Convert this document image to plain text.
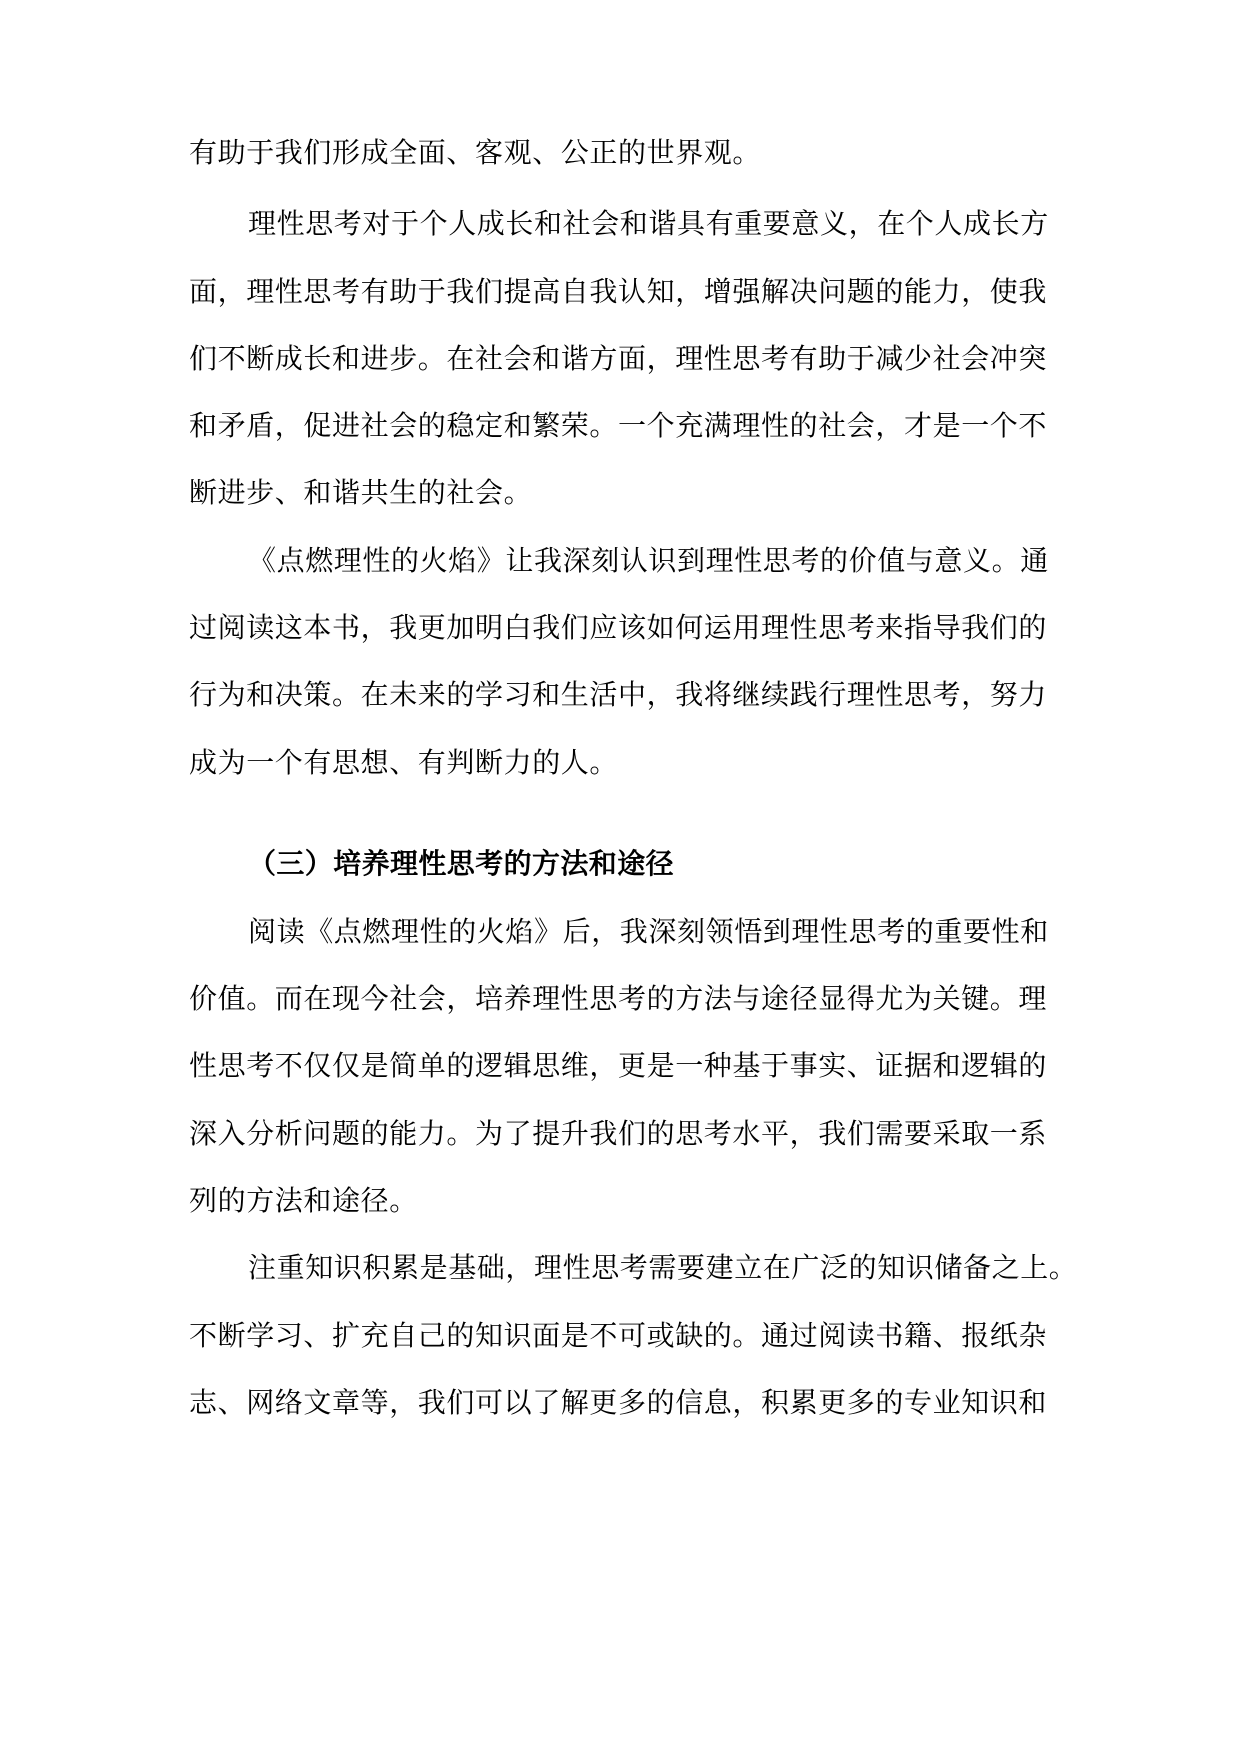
有助于我们形成全面、客观、公正的世界观。
理性思考对于个人成长和社会和谐具有重要意义，在个人成长方
面，理性思考有助于我们提高自我认知，增强解决问题的能力，使我
们不断成长和进步。在社会和谐方面，理性思考有助于减少社会冲突
和矛盾，促进社会的稳定和繁荣。一个充满理性的社会，才是一个不
断进步、和谐共生的社会。
《点燃理性的火焰》让我深刻认识到理性思考的价值与意义。通
过阅读这本书，我更加明白我们应该如何运用理性思考来指导我们的
行为和决策。在未来的学习和生活中，我将继续践行理性思考，努力
成为一个有思想、有判断力的人。
（三）培养理性思考的方法和途径
阅读《点燃理性的火焰》后，我深刻领悟到理性思考的重要性和
价值。而在现今社会，培养理性思考的方法与途径显得尤为关键。理
性思考不仅仅是简单的逻辑思维，更是一种基于事实、证据和逻辑的
深入分析问题的能力。为了提升我们的思考水平，我们需要采取一系
列的方法和途径。
注重知识积累是基础，理性思考需要建立在广泛的知识储备之上。
不断学习、扩充自己的知识面是不可或缺的。通过阅读书籍、报纸杂
志、网络文章等，我们可以了解更多的信息，积累更多的专业知识和
